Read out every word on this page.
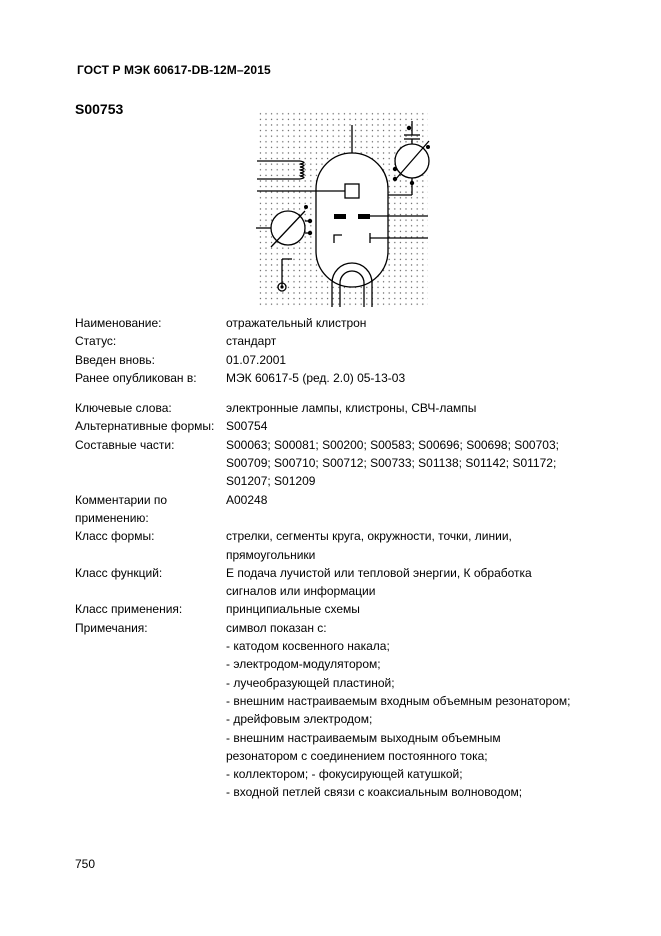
ГОСТ Р МЭК 60617-DB-12M–2015
S00753
Наименование:	отражательный клистрон
Статус:	стандарт
Введен вновь:	01.07.2001
Ранее опубликован в:	МЭК 60617-5 (ред. 2.0) 05-13-03
Ключевые слова:	электронные лампы, клистроны, СВЧ-лампы
Альтернативные формы: S00754
Составные части:	S00063; S00081; S00200; S00583; S00696; S00698; S00703; S00709; S00710; S00712; S00733; S01138; S01142; S01172; S01207; S01209
Комментарии по применению:
A00248
Класс формы:	стрелки, сегменты круга, окружности, точки, линии, прямоугольники
Класс функций:	Е подача лучистой или тепловой энергии, К обработка сигналов или информации
Класс применения:	принципиальные схемы
Примечания:	символ показан с:
- катодом косвенного накала;
- электродом-модулятором;
- лучеобразующей пластиной;
- внешним настраиваемым входным объемным резонатором;
- дрейфовым электродом;
- внешним настраиваемым выходным объемным резонатором с соединением постоянного тока;
- коллектором; - фокусирующей катушкой;
- входной петлей связи с коаксиальным волноводом;
750
